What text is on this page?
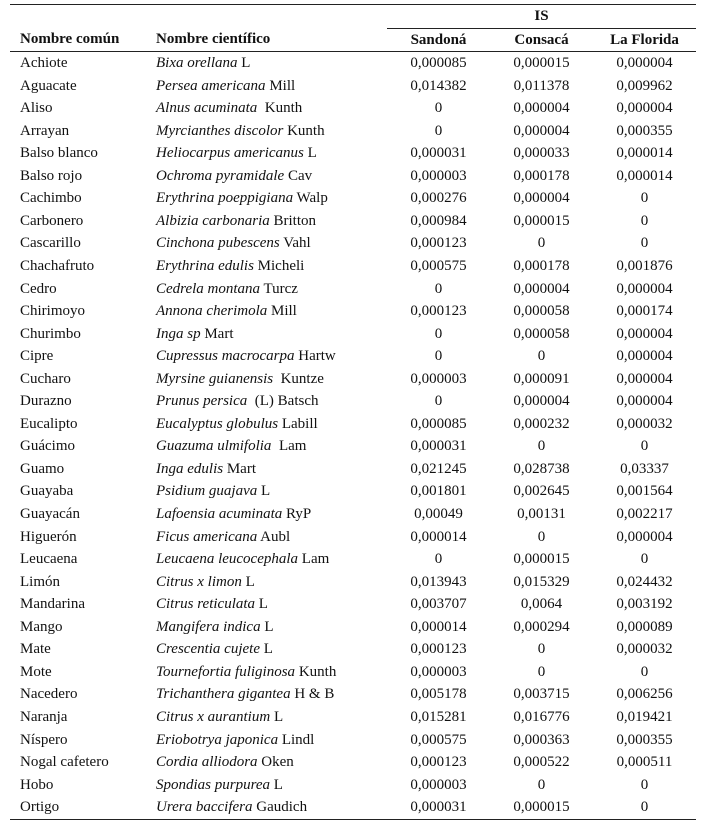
		IS		
Nombre común	Nombre científico	Sandoná	Consacá	La Florida
Achiote	Bixa orellana L	0,000085	0,000015	0,000004
Aguacate	Persea americana Mill	0,014382	0,011378	0,009962
Aliso	Alnus acuminata  Kunth	0	0,000004	0,000004
Arrayan	Myrcianthes discolor Kunth	0	0,000004	0,000355
Balso blanco	Heliocarpus americanus L	0,000031	0,000033	0,000014
Balso rojo	Ochroma pyramidale Cav	0,000003	0,000178	0,000014
Cachimbo	Erythrina poeppigiana Walp	0,000276	0,000004	0
Carbonero	Albizia carbonaria Britton	0,000984	0,000015	0
Cascarillo	Cinchona pubescens Vahl	0,000123	0	0
Chachafruto	Erythrina edulis Micheli	0,000575	0,000178	0,001876
Cedro	Cedrela montana Turcz	0	0,000004	0,000004
Chirimoyo	Annona cherimola Mill	0,000123	0,000058	0,000174
Churimbo	Inga sp Mart	0	0,000058	0,000004
Cipre	Cupressus macrocarpa Hartw	0	0	0,000004
Cucharo	Myrsine guianensis  Kuntze	0,000003	0,000091	0,000004
Durazno	Prunus persica  (L) Batsch	0	0,000004	0,000004
Eucalipto	Eucalyptus globulus Labill	0,000085	0,000232	0,000032
Guácimo	Guazuma ulmifolia  Lam	0,000031	0	0
Guamo	Inga edulis Mart	0,021245	0,028738	0,03337
Guayaba	Psidium guajava L	0,001801	0,002645	0,001564
Guayacán	Lafoensia acuminata RyP	0,00049	0,00131	0,002217
Higuerón	Ficus americana Aubl	0,000014	0	0,000004
Leucaena	Leucaena leucocephala Lam	0	0,000015	0
Limón	Citrus x limon L	0,013943	0,015329	0,024432
Mandarina	Citrus reticulata L	0,003707	0,0064	0,003192
Mango	Mangifera indica L	0,000014	0,000294	0,000089
Mate	Crescentia cujete L	0,000123	0	0,000032
Mote	Tournefortia fuliginosa Kunth	0,000003	0	0
Nacedero	Trichanthera gigantea H & B	0,005178	0,003715	0,006256
Naranja	Citrus x aurantium L	0,015281	0,016776	0,019421
Níspero	Eriobotrya japonica Lindl	0,000575	0,000363	0,000355
Nogal cafetero	Cordia alliodora Oken	0,000123	0,000522	0,000511
Hobo	Spondias purpurea L	0,000003	0	0
Ortigo	Urera baccifera Gaudich	0,000031	0,000015	0
